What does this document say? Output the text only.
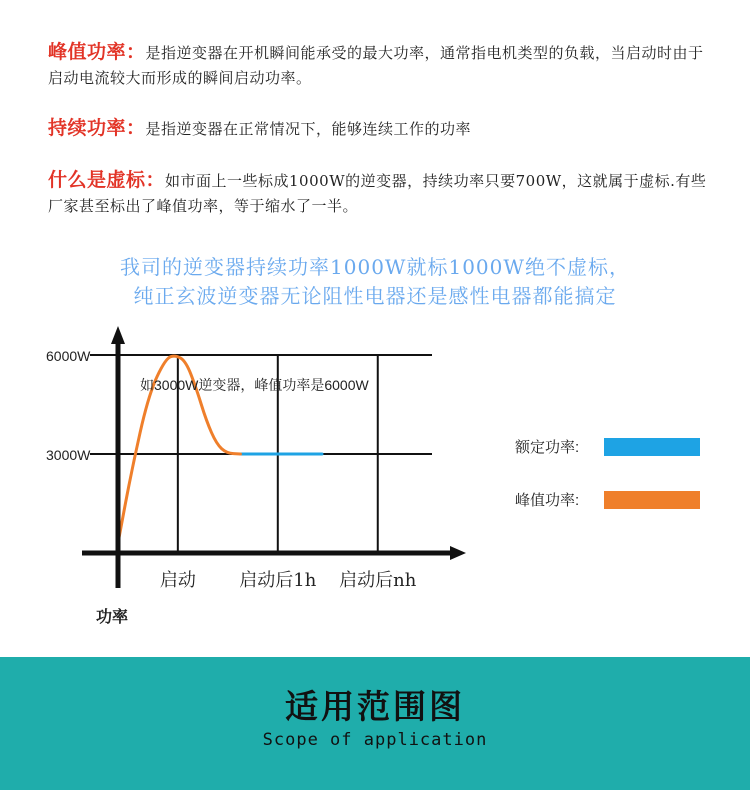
峰值功率：是指逆变器在开机瞬间能承受的最大功率，通常指电机类型的负载，当启动时由于启动电流较大而形成的瞬间启动功率。
持续功率：是指逆变器在正常情况下，能够连续工作的功率
什么是虚标：如市面上一些标成1000W的逆变器，持续功率只要700W，这就属于虚标.有些厂家甚至标出了峰值功率，等于缩水了一半。
我司的逆变器持续功率1000W就标1000W绝不虚标，
纯正玄波逆变器无论阻性电器还是感性电器都能搞定
如3000W逆变器，峰值功率是6000W
6000W
3000W
启动 启动后1h 启动后nh
功率
额定功率:
峰值功率:
适用范围图
Scope of application
